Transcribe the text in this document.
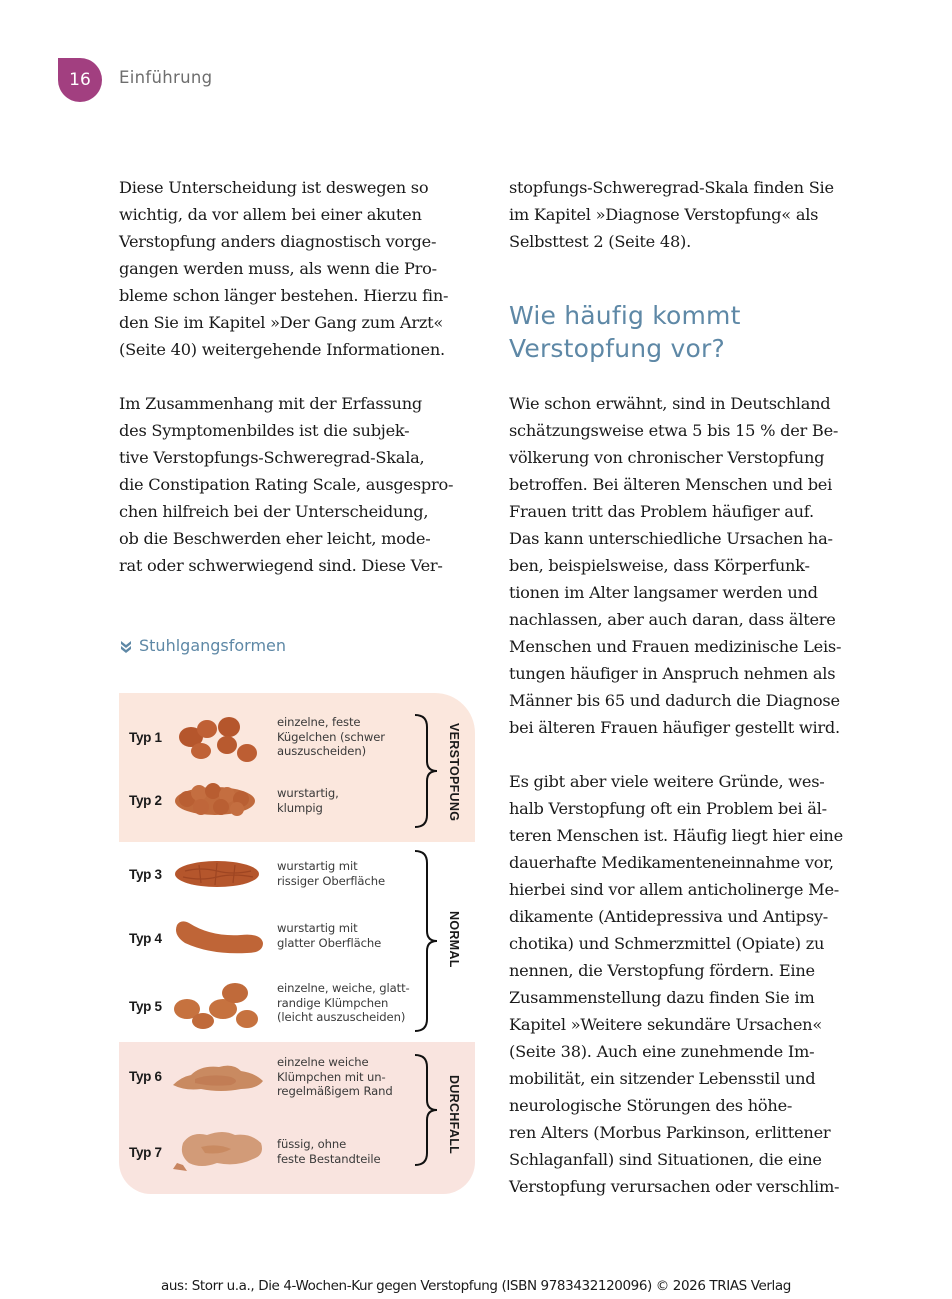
16 Einführung

Diese Unterscheidung ist deswegen so
wichtig, da vor allem bei einer akuten
Verstopfung anders diagnostisch vorge-
gangen werden muss, als wenn die Pro-
bleme schon länger bestehen. Hierzu fin-
den Sie im Kapitel »Der Gang zum Arzt«
(Seite 40) weitergehende Informationen.

Im Zusammenhang mit der Erfassung
des Symptomenbildes ist die subjek-
tive Verstopfungs-Schweregrad-Skala,
die Constipation Rating Scale, ausgespro-
chen hilfreich bei der Unterscheidung,
ob die Beschwerden eher leicht, mode-
rat oder schwerwiegend sind. Diese Ver-

Stuhlgangsformen
Typ 1
einzelne, feste
Kügelchen (schwer
auszuscheiden)
Typ 2	wurstartig,
klumpig
Typ 3
wurstartig mit
rissiger Oberfläche
Typ 4
wurstartig mit
glatter Oberfläche
Typ 5
einzelne, weiche, glatt-
randige Klümpchen
(leicht auszuscheiden)
Typ 6
einzelne weiche
Klümpchen mit un-
regelmäßigem Rand
Typ 7
füssig, ohne
feste Bestandteile
VERSTOPFUNG
NORMAL
DURCHFALL

stopfungs-Schweregrad-Skala finden Sie
im Kapitel »Diagnose Verstopfung« als
Selbsttest 2 (Seite 48).

Wie häufig kommt
Verstopfung vor?

Wie schon erwähnt, sind in Deutschland
schätzungsweise etwa 5 bis 15 % der Be-
völkerung von chronischer Verstopfung
betroffen. Bei älteren Menschen und bei
Frauen tritt das Problem häufiger auf.
Das kann unterschiedliche Ursachen ha-
ben, beispielsweise, dass Körperfunk-
tionen im Alter langsamer werden und
nachlassen, aber auch daran, dass ältere
Menschen und Frauen medizinische Leis-
tungen häufiger in Anspruch nehmen als
Männer bis 65 und dadurch die Diagnose
bei älteren Frauen häufiger gestellt wird.

Es gibt aber viele weitere Gründe, wes-
halb Verstopfung oft ein Problem bei äl-
teren Menschen ist. Häufig liegt hier eine
dauerhafte Medikamenteneinnahme vor,
hierbei sind vor allem anticholinerge Me-
dikamente (Antidepressiva und Antipsy-
chotika) und Schmerzmittel (Opiate) zu
nennen, die Verstopfung fördern. Eine
Zusammenstellung dazu finden Sie im
Kapitel »Weitere sekundäre Ursachen«
(Seite 38). Auch eine zunehmende Im-
mobilität, ein sitzender Lebensstil und
neurologische Störungen des höhe-
ren Alters (Morbus Parkinson, erlittener
Schlaganfall) sind Situationen, die eine
Verstopfung verursachen oder verschlim-

aus: Storr u.a., Die 4-Wochen-Kur gegen Verstopfung (ISBN 9783432120096) © 2026 TRIAS Verlag
